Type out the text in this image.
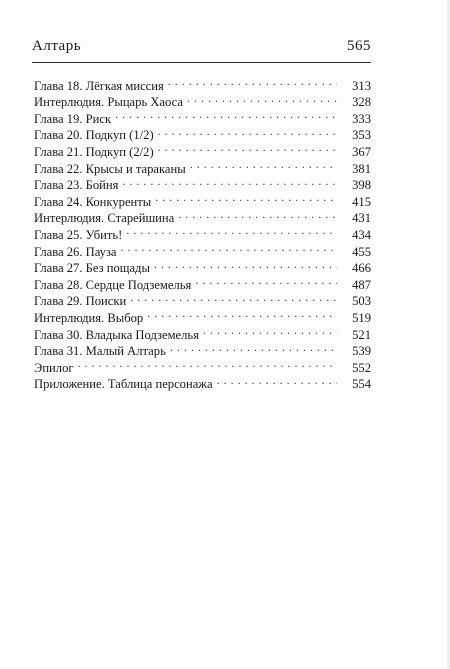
Алтарь	565
Глава 18. Лёгкая миссия . . .	313
Интерлюдия. Рыцарь Хаоса . . .	328
Глава 19. Риск . . .	333
Глава 20. Подкуп (1/2) . . .	353
Глава 21. Подкуп (2/2) . . .	367
Глава 22. Крысы и тараканы . . .	381
Глава 23. Бойня . . .	398
Глава 24. Конкуренты . . .	415
Интерлюдия. Старейшина . . .	431
Глава 25. Убить! . . .	434
Глава 26. Пауза . . .	455
Глава 27. Без пощады . . .	466
Глава 28. Сердце Подземелья . . .	487
Глава 29. Поиски . . .	503
Интерлюдия. Выбор . . .	519
Глава 30. Владыка Подземелья . . .	521
Глава 31. Малый Алтарь . . .	539
Эпилог . . .	552
Приложение. Таблица персонажа . . .	554
